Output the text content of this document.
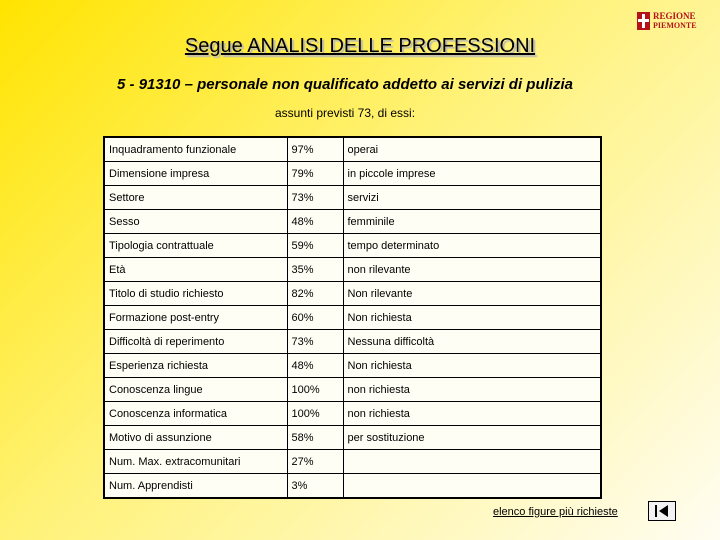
REGIONE
PIEMONTE
Segue ANALISI DELLE PROFESSIONI
5 - 91310 – personale non qualificato addetto ai servizi di pulizia
assunti previsti 73, di essi:
Inquadramento funzionale	97%	operai
Dimensione impresa	79%	in piccole imprese
Settore	73%	servizi
Sesso	48%	femminile
Tipologia contrattuale	59%	tempo determinato
Età	35%	non rilevante
Titolo di studio richiesto	82%	Non rilevante
Formazione post-entry	60%	Non richiesta
Difficoltà di reperimento	73%	Nessuna difficoltà
Esperienza richiesta	48%	Non richiesta
Conoscenza lingue	100%	non richiesta
Conoscenza informatica	100%	non richiesta
Motivo di assunzione	58%	per sostituzione
Num. Max. extracomunitari	27%	
Num. Apprendisti	3%	
elenco figure più richieste
